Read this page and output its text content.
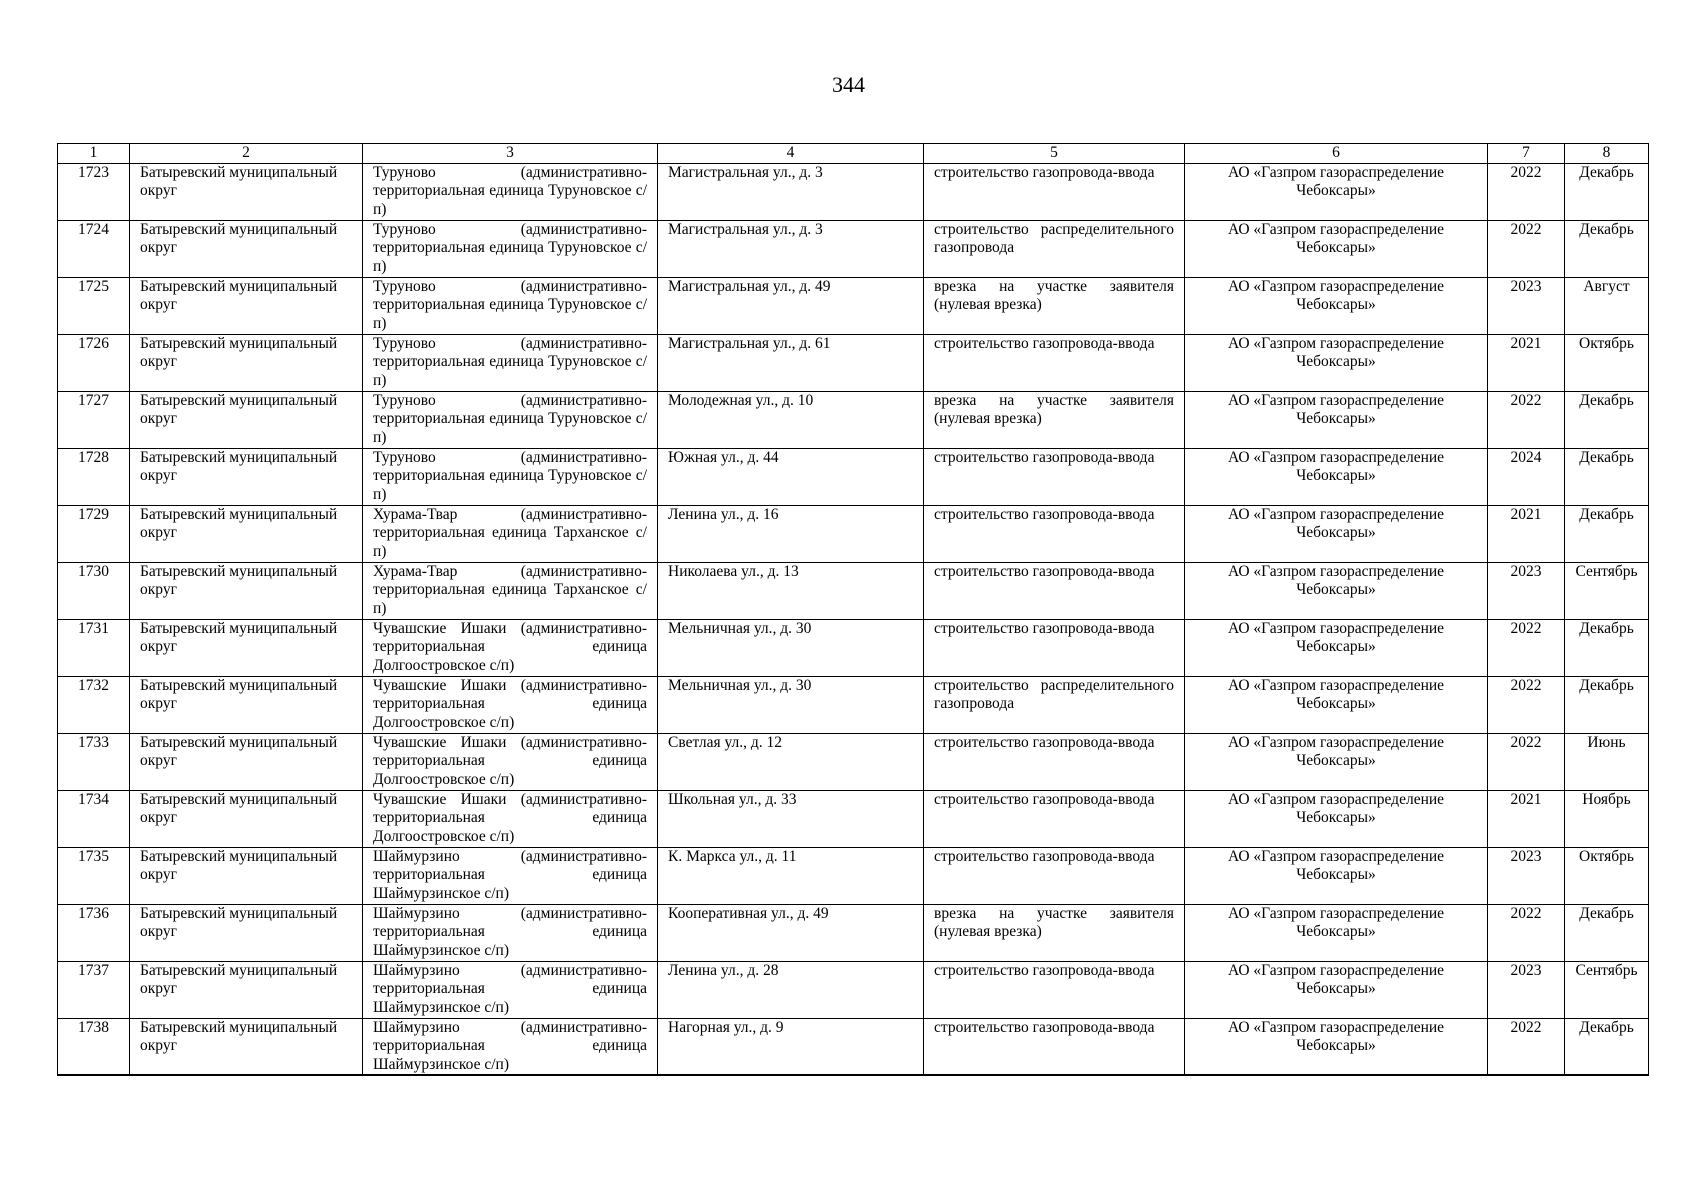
344
1	2	3	4	5	6	7	8
1723	Батыревский муниципальный округ	Туруново (административно-территориальная единица Туруновское с/п)	Магистральная ул., д. 3	строительство газопровода-ввода	АО «Газпром газораспределение Чебоксары»	2022	Декабрь
1724	Батыревский муниципальный округ	Туруново (административно-территориальная единица Туруновское с/п)	Магистральная ул., д. 3	строительство распределительного газопровода	АО «Газпром газораспределение Чебоксары»	2022	Декабрь
1725	Батыревский муниципальный округ	Туруново (административно-территориальная единица Туруновское с/п)	Магистральная ул., д. 49	врезка на участке заявителя (нулевая врезка)	АО «Газпром газораспределение Чебоксары»	2023	Август
1726	Батыревский муниципальный округ	Туруново (административно-территориальная единица Туруновское с/п)	Магистральная ул., д. 61	строительство газопровода-ввода	АО «Газпром газораспределение Чебоксары»	2021	Октябрь
1727	Батыревский муниципальный округ	Туруново (административно-территориальная единица Туруновское с/п)	Молодежная ул., д. 10	врезка на участке заявителя (нулевая врезка)	АО «Газпром газораспределение Чебоксары»	2022	Декабрь
1728	Батыревский муниципальный округ	Туруново (административно-территориальная единица Туруновское с/п)	Южная ул., д. 44	строительство газопровода-ввода	АО «Газпром газораспределение Чебоксары»	2024	Декабрь
1729	Батыревский муниципальный округ	Хурама-Твар (административно-территориальная единица Тарханское с/п)	Ленина ул., д. 16	строительство газопровода-ввода	АО «Газпром газораспределение Чебоксары»	2021	Декабрь
1730	Батыревский муниципальный округ	Хурама-Твар (административно-территориальная единица Тарханское с/п)	Николаева ул., д. 13	строительство газопровода-ввода	АО «Газпром газораспределение Чебоксары»	2023	Сентябрь
1731	Батыревский муниципальный округ	Чувашские Ишаки (административно-территориальная единица Долгоостровское с/п)	Мельничная ул., д. 30	строительство газопровода-ввода	АО «Газпром газораспределение Чебоксары»	2022	Декабрь
1732	Батыревский муниципальный округ	Чувашские Ишаки (административно-территориальная единица Долгоостровское с/п)	Мельничная ул., д. 30	строительство распределительного газопровода	АО «Газпром газораспределение Чебоксары»	2022	Декабрь
1733	Батыревский муниципальный округ	Чувашские Ишаки (административно-территориальная единица Долгоостровское с/п)	Светлая ул., д. 12	строительство газопровода-ввода	АО «Газпром газораспределение Чебоксары»	2022	Июнь
1734	Батыревский муниципальный округ	Чувашские Ишаки (административно-территориальная единица Долгоостровское с/п)	Школьная ул., д. 33	строительство газопровода-ввода	АО «Газпром газораспределение Чебоксары»	2021	Ноябрь
1735	Батыревский муниципальный округ	Шаймурзино (административно-территориальная единица Шаймурзинское с/п)	К. Маркса ул., д. 11	строительство газопровода-ввода	АО «Газпром газораспределение Чебоксары»	2023	Октябрь
1736	Батыревский муниципальный округ	Шаймурзино (административно-территориальная единица Шаймурзинское с/п)	Кооперативная ул., д. 49	врезка на участке заявителя (нулевая врезка)	АО «Газпром газораспределение Чебоксары»	2022	Декабрь
1737	Батыревский муниципальный округ	Шаймурзино (административно-территориальная единица Шаймурзинское с/п)	Ленина ул., д. 28	строительство газопровода-ввода	АО «Газпром газораспределение Чебоксары»	2023	Сентябрь
1738	Батыревский муниципальный округ	Шаймурзино (административно-территориальная единица Шаймурзинское с/п)	Нагорная ул., д. 9	строительство газопровода-ввода	АО «Газпром газораспределение Чебоксары»	2022	Декабрь
